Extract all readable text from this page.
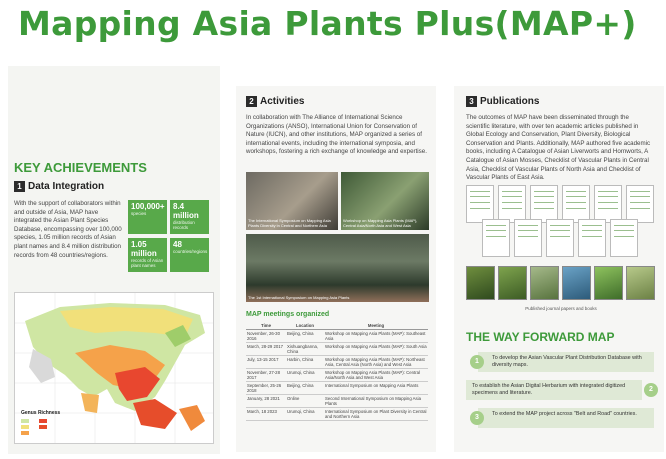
Mapping Asia Plants Plus(MAP+)
KEY ACHIEVEMENTS
1 Data Integration
With the support of collaborators within and outside of Asia, MAP have integrated the Asian Plant Species Database, encompassing over 100,000 species, 1.05 million records of Asian plant names and 8.4 million distribution records from 48 countries/regions.
100,000+
species
8.4 million
distribution records
1.05 million
records of Asian plant names
48
countries/regions
Genus Richness
2 Activities
In collaboration with The Alliance of International Science Organizations (ANSO), International Union for Conservation of Nature (IUCN), and other institutions, MAP organized a series of international events, including the international symposia, and workshops, fostering a rich exchange of knowledge and expertise.
The International Symposium on Mapping Asia Plants Diversity in Central and Northern Asia
Workshop on Mapping Asia Plants (MAP), Central Asia/North Asia and West Asia
The 1st International Symposium on Mapping Asia Plants
MAP meetings organized
Time	Location	Meeting
November, 26-30 2016	Beijing, China	Workshop on Mapping Asia Plants (MAP): Southeast Asia
March, 28-29 2017	Xishuangbanna, China	Workshop on Mapping Asia Plants (MAP): South Asia
July, 13-15 2017	Harbin, China	Workshop on Mapping Asia Plants (MAP): Northeast Asia, Central Asia (North Asia) and West Asia
November, 27-28 2017	Urumqi, China	Workshop on Mapping Asia Plants (MAP): Central Asia/North Asia and West Asia
September, 25-26 2018	Beijing, China	International Symposium on Mapping Asia Plants
January, 28 2021	Online	Second International Symposium on Mapping Asia Plants
March, 18 2023	Urumqi, China	International Symposium on Plant Diversity in Central and Northern Asia
3 Publications
The outcomes of MAP have been disseminated through the scientific literature, with over ten academic articles published in Global Ecology and Conservation, Plant Diversity, Biological Conservation and Plants. Additionally, MAP authored five academic books, including A Catalogue of Asian Liverworts and Hornworts, A Catalogue of Asian Mosses, Checklist of Vascular Plants in Central Asia, Checklist of Vascular Plants of North Asia and Checklist of Vascular Plants of East Asia.
Published journal papers and books
THE WAY FORWARD MAP
To develop the Asian Vascular Plant Distribution Database with diversity maps.
1
To establish the Asian Digital Herbarium with integrated digitized specimens and literature.	2
To extend the MAP project across "Belt and Road" countries.
3
